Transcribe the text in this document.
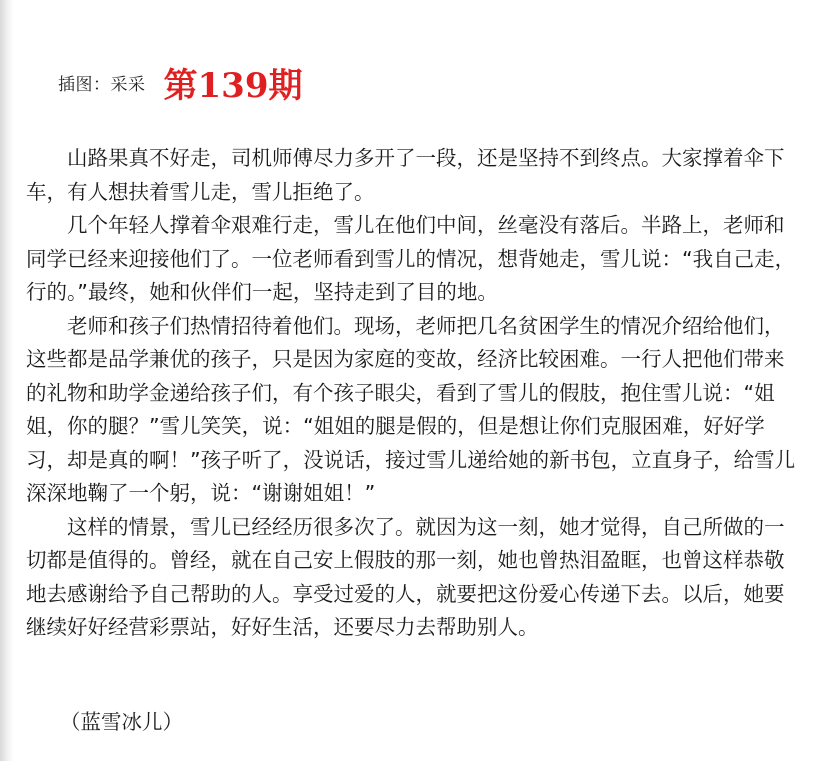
插图：采采 第139期

山路果真不好走，司机师傅尽力多开了一段，还是坚持不到终点。大家撑着伞下车，有人想扶着雪儿走，雪儿拒绝了。

几个年轻人撑着伞艰难行走，雪儿在他们中间，丝毫没有落后。半路上，老师和同学已经来迎接他们了。一位老师看到雪儿的情况，想背她走，雪儿说：“我自己走，行的。”最终，她和伙伴们一起，坚持走到了目的地。

老师和孩子们热情招待着他们。现场，老师把几名贫困学生的情况介绍给他们，这些都是品学兼优的孩子，只是因为家庭的变故，经济比较困难。一行人把他们带来的礼物和助学金递给孩子们，有个孩子眼尖，看到了雪儿的假肢，抱住雪儿说：“姐姐，你的腿？”雪儿笑笑，说：“姐姐的腿是假的，但是想让你们克服困难，好好学习，却是真的啊！”孩子听了，没说话，接过雪儿递给她的新书包，立直身子，给雪儿深深地鞠了一个躬，说：“谢谢姐姐！”

这样的情景，雪儿已经经历很多次了。就因为这一刻，她才觉得，自己所做的一切都是值得的。曾经，就在自己安上假肢的那一刻，她也曾热泪盈眶，也曾这样恭敬地去感谢给予自己帮助的人。享受过爱的人，就要把这份爱心传递下去。以后，她要继续好好经营彩票站，好好生活，还要尽力去帮助别人。

（蓝雪冰儿）
